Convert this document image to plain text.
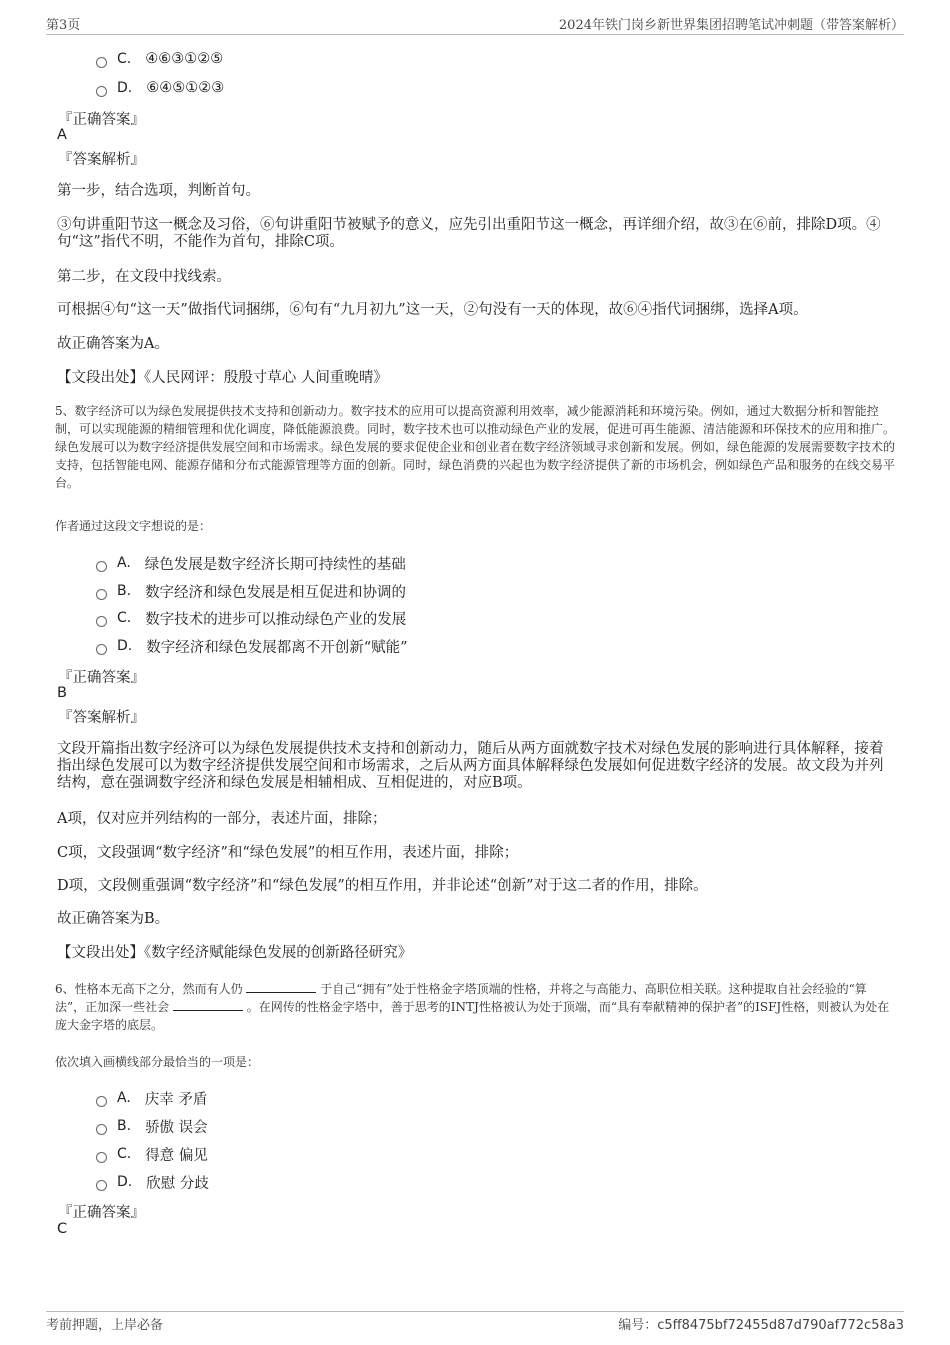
第3页	2024年铁门岗乡新世界集团招聘笔试冲刺题（带答案解析）
C. ④⑥③①②⑤
D. ⑥④⑤①②③
『正确答案』
A
『答案解析』
第一步，结合选项，判断首句。
③句讲重阳节这一概念及习俗，⑥句讲重阳节被赋予的意义，应先引出重阳节这一概念，再详细介绍，故③在⑥前，排除D项。④句“这”指代不明，不能作为首句，排除C项。
第二步，在文段中找线索。
可根据④句“这一天”做指代词捆绑，⑥句有“九月初九”这一天，②句没有一天的体现，故⑥④指代词捆绑，选择A项。
故正确答案为A。
【文段出处】《人民网评：殷殷寸草心 人间重晚晴》
5、数字经济可以为绿色发展提供技术支持和创新动力。数字技术的应用可以提高资源利用效率，减少能源消耗和环境污染。例如，通过大数据分析和智能控制，可以实现能源的精细管理和优化调度，降低能源浪费。同时，数字技术也可以推动绿色产业的发展，促进可再生能源、清洁能源和环保技术的应用和推广。绿色发展可以为数字经济提供发展空间和市场需求。绿色发展的要求促使企业和创业者在数字经济领域寻求创新和发展。例如，绿色能源的发展需要数字技术的支持，包括智能电网、能源存储和分布式能源管理等方面的创新。同时，绿色消费的兴起也为数字经济提供了新的市场机会，例如绿色产品和服务的在线交易平台。
作者通过这段文字想说的是：
A. 绿色发展是数字经济长期可持续性的基础
B. 数字经济和绿色发展是相互促进和协调的
C. 数字技术的进步可以推动绿色产业的发展
D. 数字经济和绿色发展都离不开创新“赋能”
『正确答案』
B
『答案解析』
文段开篇指出数字经济可以为绿色发展提供技术支持和创新动力，随后从两方面就数字技术对绿色发展的影响进行具体解释，接着指出绿色发展可以为数字经济提供发展空间和市场需求，之后从两方面具体解释绿色发展如何促进数字经济的发展。故文段为并列结构，意在强调数字经济和绿色发展是相辅相成、互相促进的，对应B项。
A项，仅对应并列结构的一部分，表述片面，排除；
C项，文段强调“数字经济”和“绿色发展”的相互作用，表述片面，排除；
D项，文段侧重强调“数字经济”和“绿色发展”的相互作用，并非论述“创新”对于这二者的作用，排除。
故正确答案为B。
【文段出处】《数字经济赋能绿色发展的创新路径研究》
6、性格本无高下之分，然而有人仍	于自己“拥有”处于性格金字塔顶端的性格，并将之与高能力、高职位相关联。这种提取自社会经验的“算法”，正加深一些社会	。在网传的性格金字塔中，善于思考的INTJ性格被认为处于顶端，而“具有奉献精神的保护者”的ISFJ性格，则被认为处在庞大金字塔的底层。
依次填入画横线部分最恰当的一项是：
A. 庆幸 矛盾
B. 骄傲 误会
C. 得意 偏见
D. 欣慰 分歧
『正确答案』
C
考前押题，上岸必备	编号：c5ff8475bf72455d87d790af772c58a3
